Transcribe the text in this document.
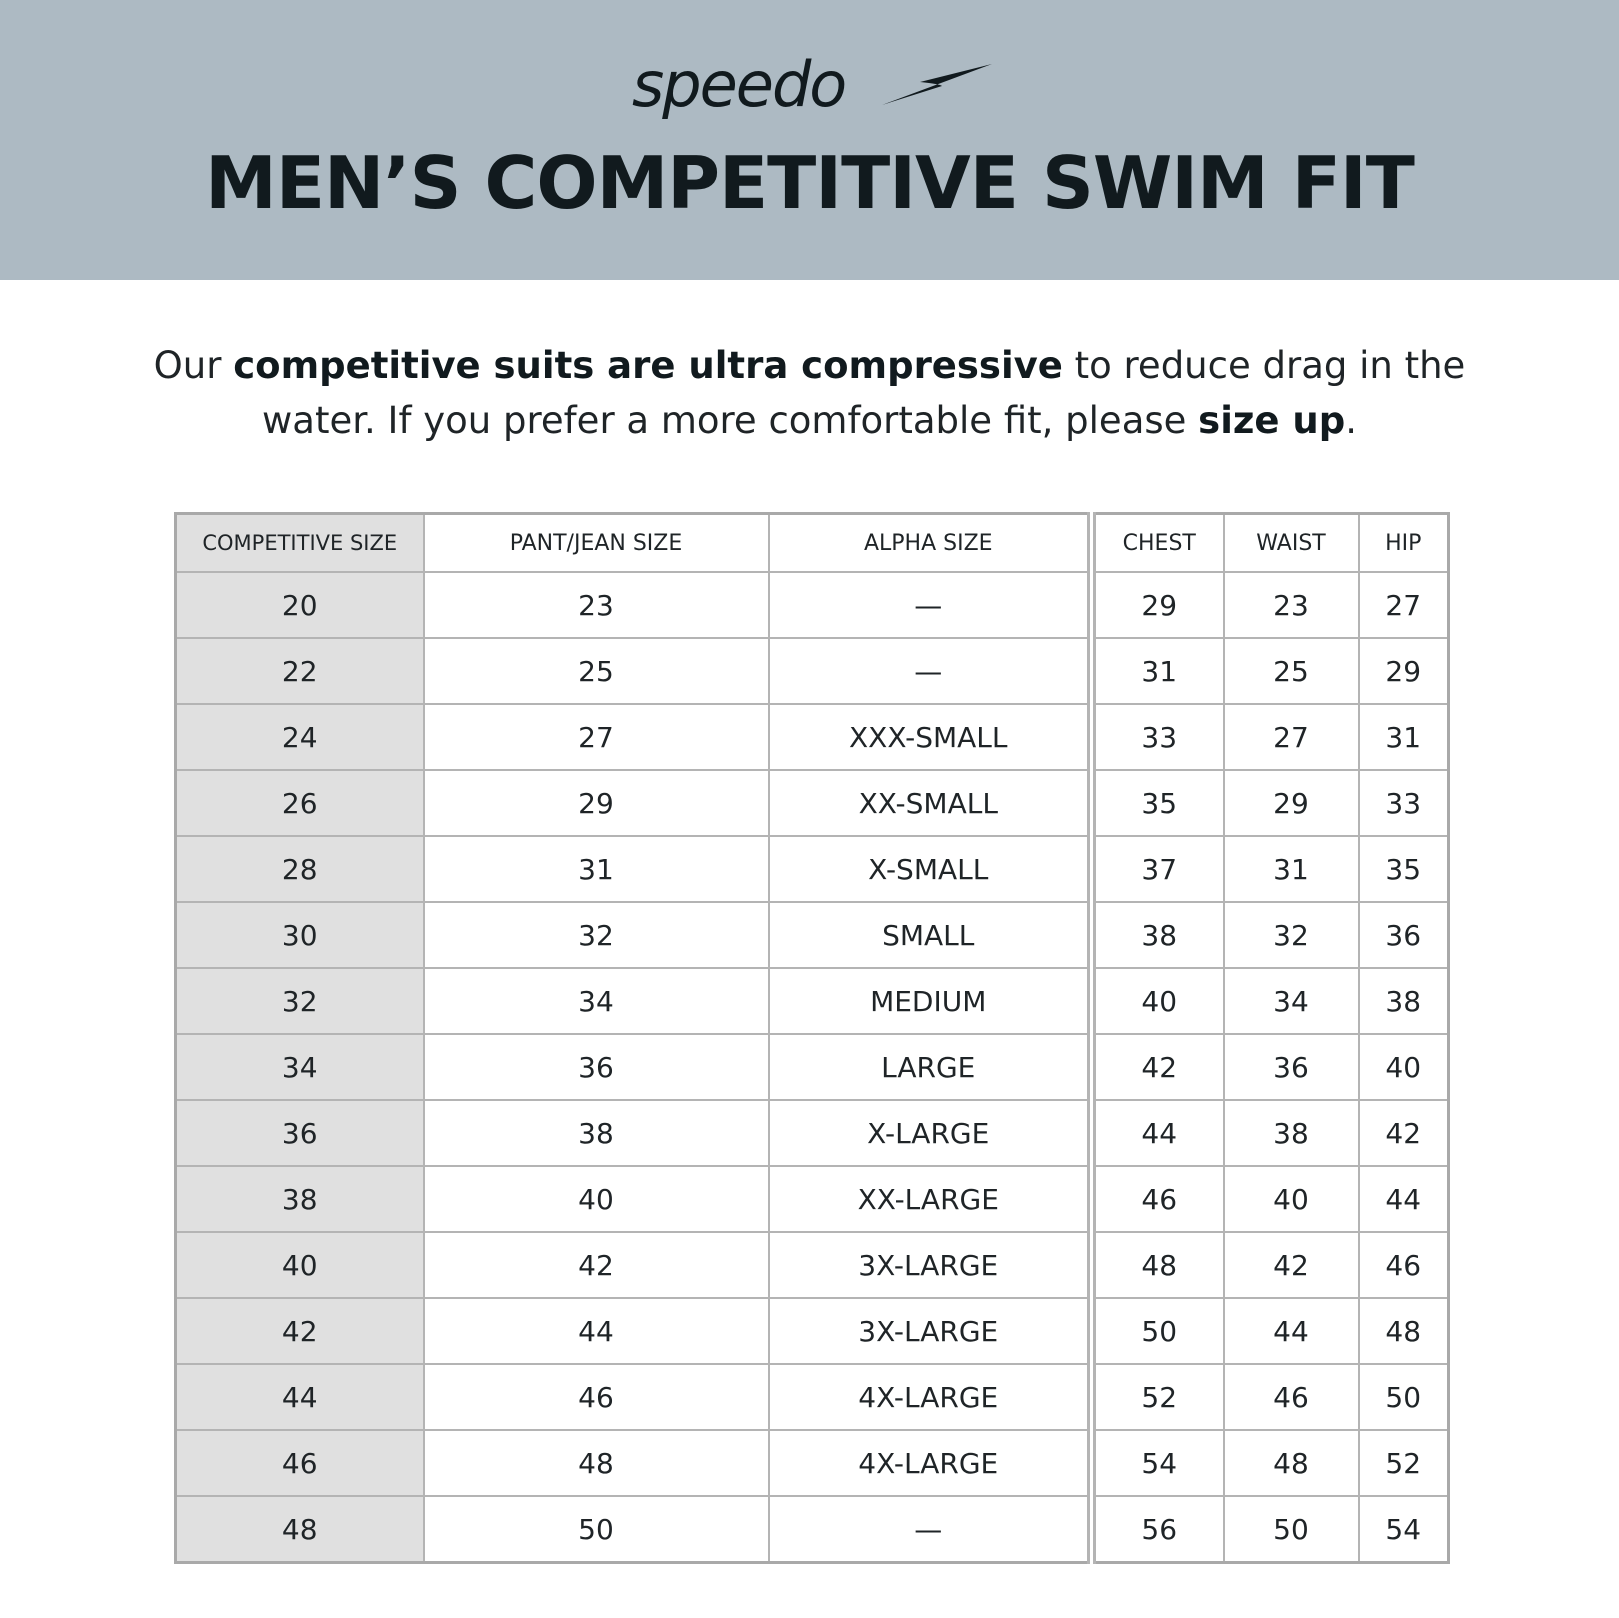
speedo
MEN’S COMPETITIVE SWIM FIT
Our competitive suits are ultra compressive to reduce drag in the water. If you prefer a more comfortable fit, please size up.
COMPETITIVE SIZE	PANT/JEAN SIZE	ALPHA SIZE	CHEST	WAIST	HIP
20	23	—	29	23	27
22	25	—	31	25	29
24	27	XXX-SMALL	33	27	31
26	29	XX-SMALL	35	29	33
28	31	X-SMALL	37	31	35
30	32	SMALL	38	32	36
32	34	MEDIUM	40	34	38
34	36	LARGE	42	36	40
36	38	X-LARGE	44	38	42
38	40	XX-LARGE	46	40	44
40	42	3X-LARGE	48	42	46
42	44	3X-LARGE	50	44	48
44	46	4X-LARGE	52	46	50
46	48	4X-LARGE	54	48	52
48	50	—	56	50	54
